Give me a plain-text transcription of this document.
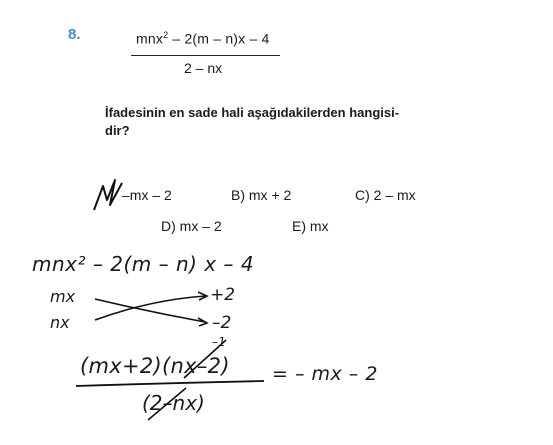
8.	mnx$^2$ – 2(m – n)x – 4
2 – nx
İfadesinin en sade hali aşağıdakilerden hangisi-
dir?
–mx – 2	B) mx + 2	C) 2 – mx
D) mx – 2	E) mx
mnx² – 2(m – n) x – 4
mx
nx
+2
–2
–1
(mx+2)(nx–2)
(2–nx)
= – mx – 2
